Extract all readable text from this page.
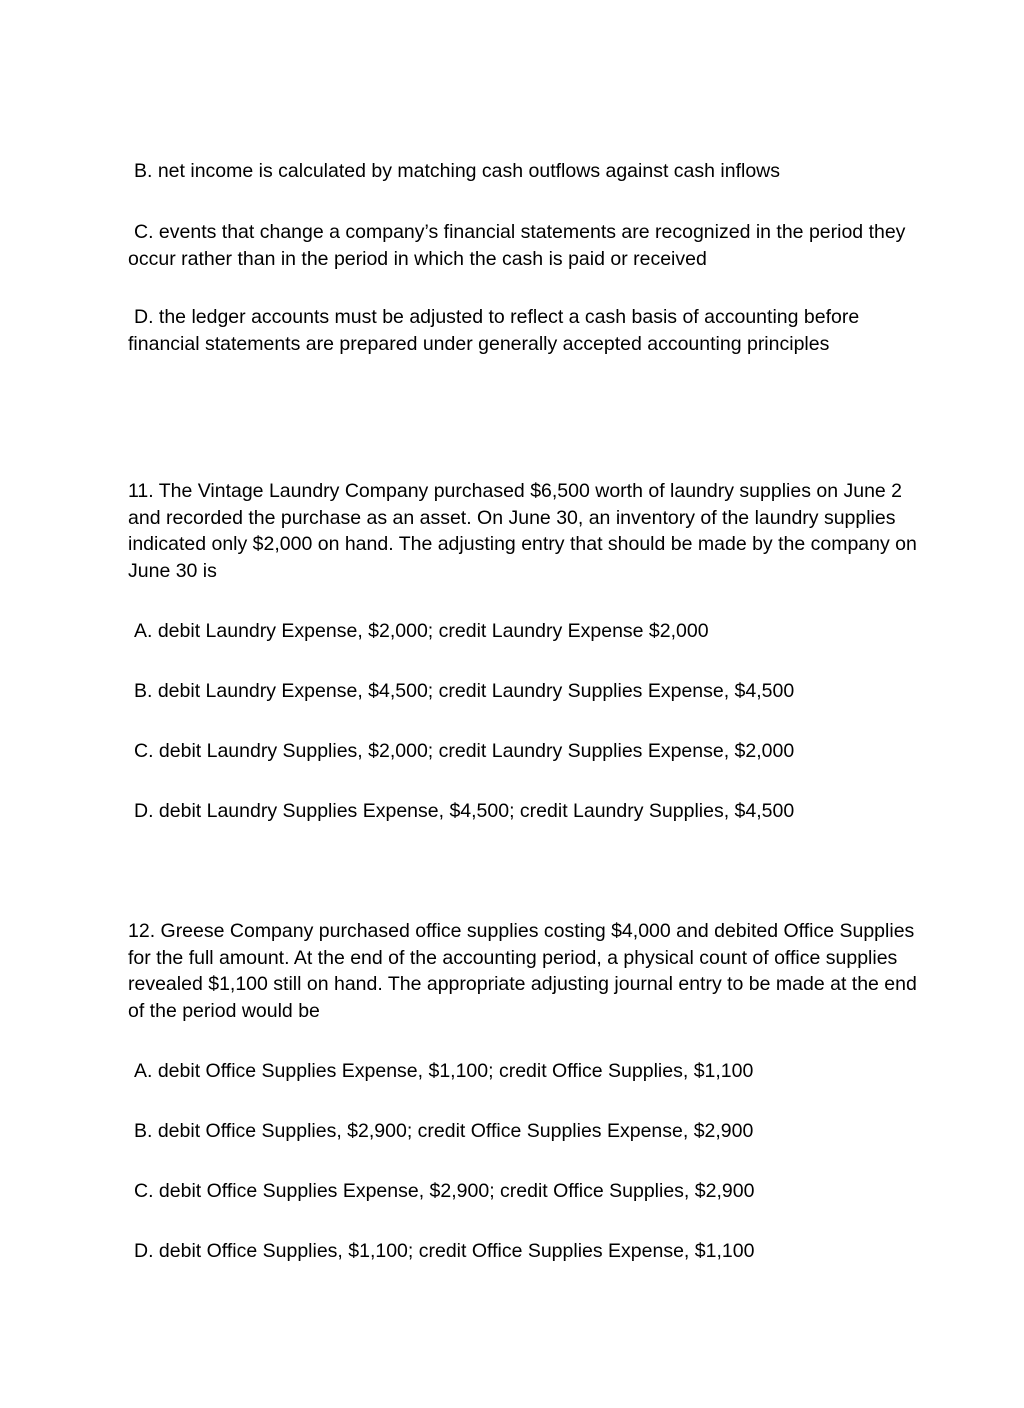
B. net income is calculated by matching cash outflows against cash inflows

C. events that change a company’s financial statements are recognized in the period they occur rather than in the period in which the cash is paid or received

D. the ledger accounts must be adjusted to reflect a cash basis of accounting before financial statements are prepared under generally accepted accounting principles

11. The Vintage Laundry Company purchased $6,500 worth of laundry supplies on June 2 and recorded the purchase as an asset. On June 30, an inventory of the laundry supplies indicated only $2,000 on hand. The adjusting entry that should be made by the company on June 30 is

A. debit Laundry Expense, $2,000; credit Laundry Expense $2,000

B. debit Laundry Expense, $4,500; credit Laundry Supplies Expense, $4,500

C. debit Laundry Supplies, $2,000; credit Laundry Supplies Expense, $2,000

D. debit Laundry Supplies Expense, $4,500; credit Laundry Supplies, $4,500

12. Greese Company purchased office supplies costing $4,000 and debited Office Supplies for the full amount. At the end of the accounting period, a physical count of office supplies revealed $1,100 still on hand. The appropriate adjusting journal entry to be made at the end of the period would be

A. debit Office Supplies Expense, $1,100; credit Office Supplies, $1,100

B. debit Office Supplies, $2,900; credit Office Supplies Expense, $2,900

C. debit Office Supplies Expense, $2,900; credit Office Supplies, $2,900

D. debit Office Supplies, $1,100; credit Office Supplies Expense, $1,100
